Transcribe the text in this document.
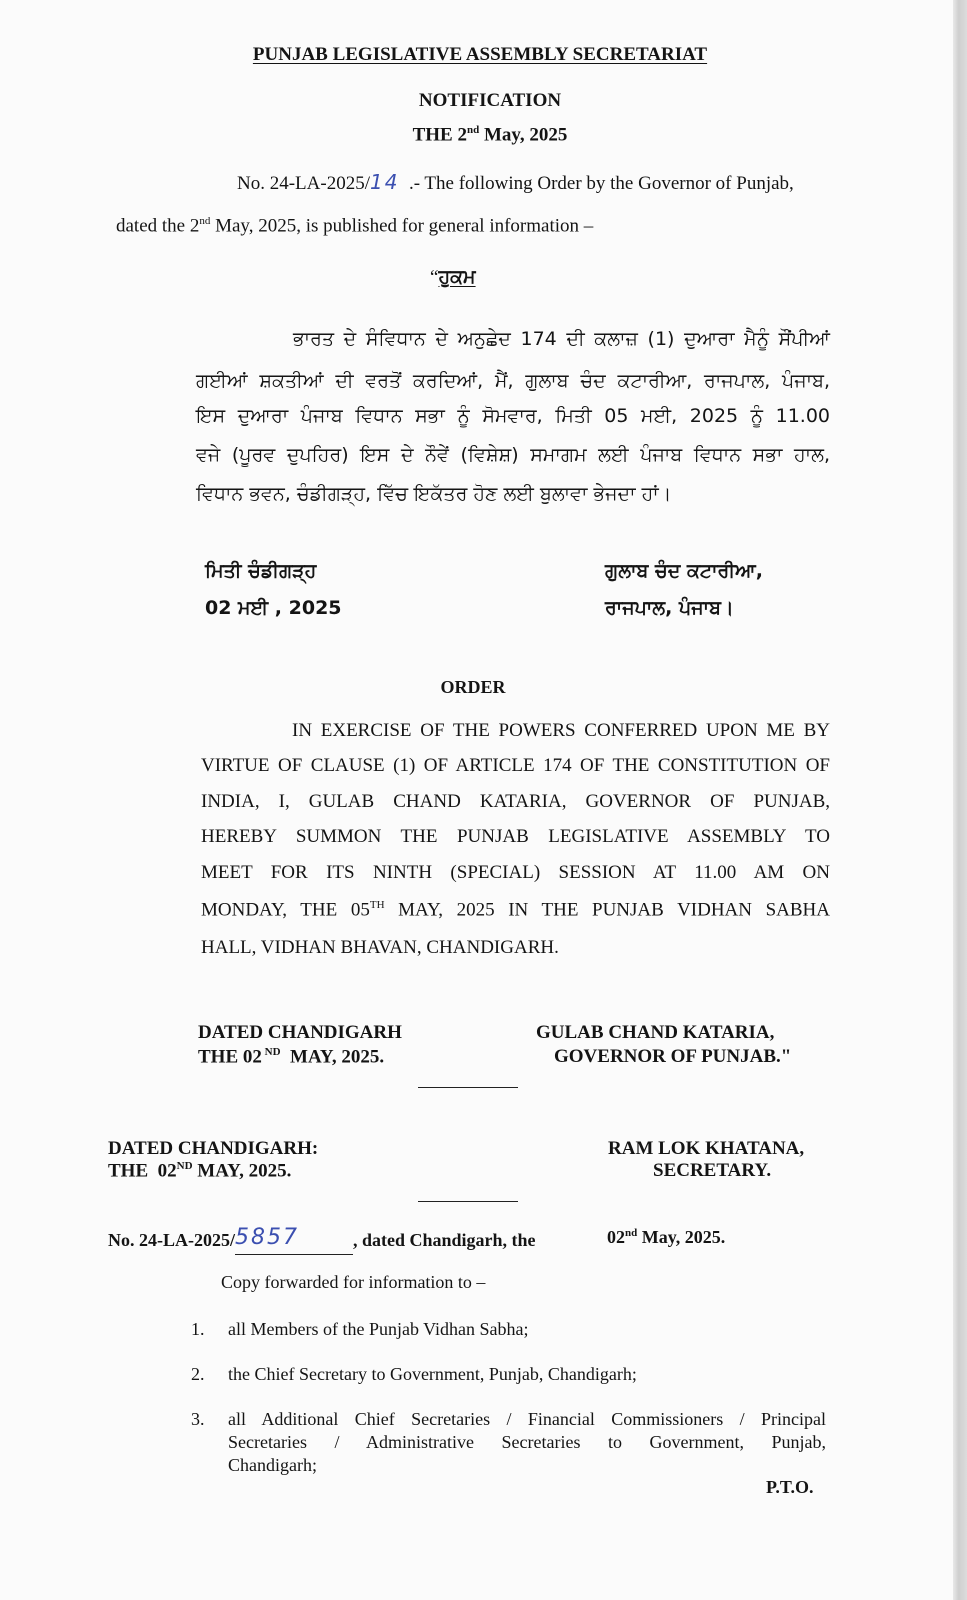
PUNJAB LEGISLATIVE ASSEMBLY SECRETARIAT
NOTIFICATION
THE 2nd May, 2025
No. 24-LA-2025/14 .- The following Order by the Governor of Punjab,
dated the 2nd May, 2025, is published for general information –
“ਹੁਕਮ
ਭਾਰਤ ਦੇ ਸੰਵਿਧਾਨ ਦੇ ਅਨੁਛੇਦ 174 ਦੀ ਕਲਾਜ਼ (1) ਦੁਆਰਾ ਮੈਨੂੰ ਸੌਂਪੀਆਂ
ਗਈਆਂ ਸ਼ਕਤੀਆਂ ਦੀ ਵਰਤੋਂ ਕਰਦਿਆਂ, ਮੈਂ, ਗੁਲਾਬ ਚੰਦ ਕਟਾਰੀਆ, ਰਾਜਪਾਲ, ਪੰਜਾਬ,
ਇਸ ਦੁਆਰਾ ਪੰਜਾਬ ਵਿਧਾਨ ਸਭਾ ਨੂੰ ਸੋਮਵਾਰ, ਮਿਤੀ 05 ਮਈ, 2025 ਨੂੰ 11.00
ਵਜੇ (ਪੂਰਵ ਦੁਪਹਿਰ) ਇਸ ਦੇ ਨੌਵੇਂ (ਵਿਸ਼ੇਸ਼) ਸਮਾਗਮ ਲਈ ਪੰਜਾਬ ਵਿਧਾਨ ਸਭਾ ਹਾਲ,
ਵਿਧਾਨ ਭਵਨ, ਚੰਡੀਗੜ੍ਹ, ਵਿੱਚ ਇਕੱਤਰ ਹੋਣ ਲਈ ਬੁਲਾਵਾ ਭੇਜਦਾ ਹਾਂ।
ਮਿਤੀ ਚੰਡੀਗੜ੍ਹ
02 ਮਈ , 2025
ਗੁਲਾਬ ਚੰਦ ਕਟਾਰੀਆ,
ਰਾਜਪਾਲ, ਪੰਜਾਬ।
ORDER
IN EXERCISE OF THE POWERS CONFERRED UPON ME BY
VIRTUE OF CLAUSE (1) OF ARTICLE 174 OF THE CONSTITUTION OF
INDIA, I, GULAB CHAND KATARIA, GOVERNOR OF PUNJAB,
HEREBY SUMMON THE PUNJAB LEGISLATIVE ASSEMBLY TO
MEET FOR ITS NINTH (SPECIAL) SESSION AT 11.00 AM ON
MONDAY, THE 05TH MAY, 2025 IN THE PUNJAB VIDHAN SABHA
HALL, VIDHAN BHAVAN, CHANDIGARH.
DATED CHANDIGARH
THE 02 $^{ND}$  MAY, 2025.
GULAB CHAND KATARIA,
GOVERNOR OF PUNJAB."
DATED CHANDIGARH:
THE  02ND MAY, 2025.
RAM LOK KHATANA,
SECRETARY.
No. 24-LA-2025/5857	, dated Chandigarh, the	02nd May, 2025.
Copy forwarded for information to –
1. all Members of the Punjab Vidhan Sabha;
2. the Chief Secretary to Government, Punjab, Chandigarh;
3. all Additional Chief Secretaries / Financial Commissioners / Principal
Secretaries / Administrative Secretaries to Government, Punjab,
Chandigarh;
P.T.O.
